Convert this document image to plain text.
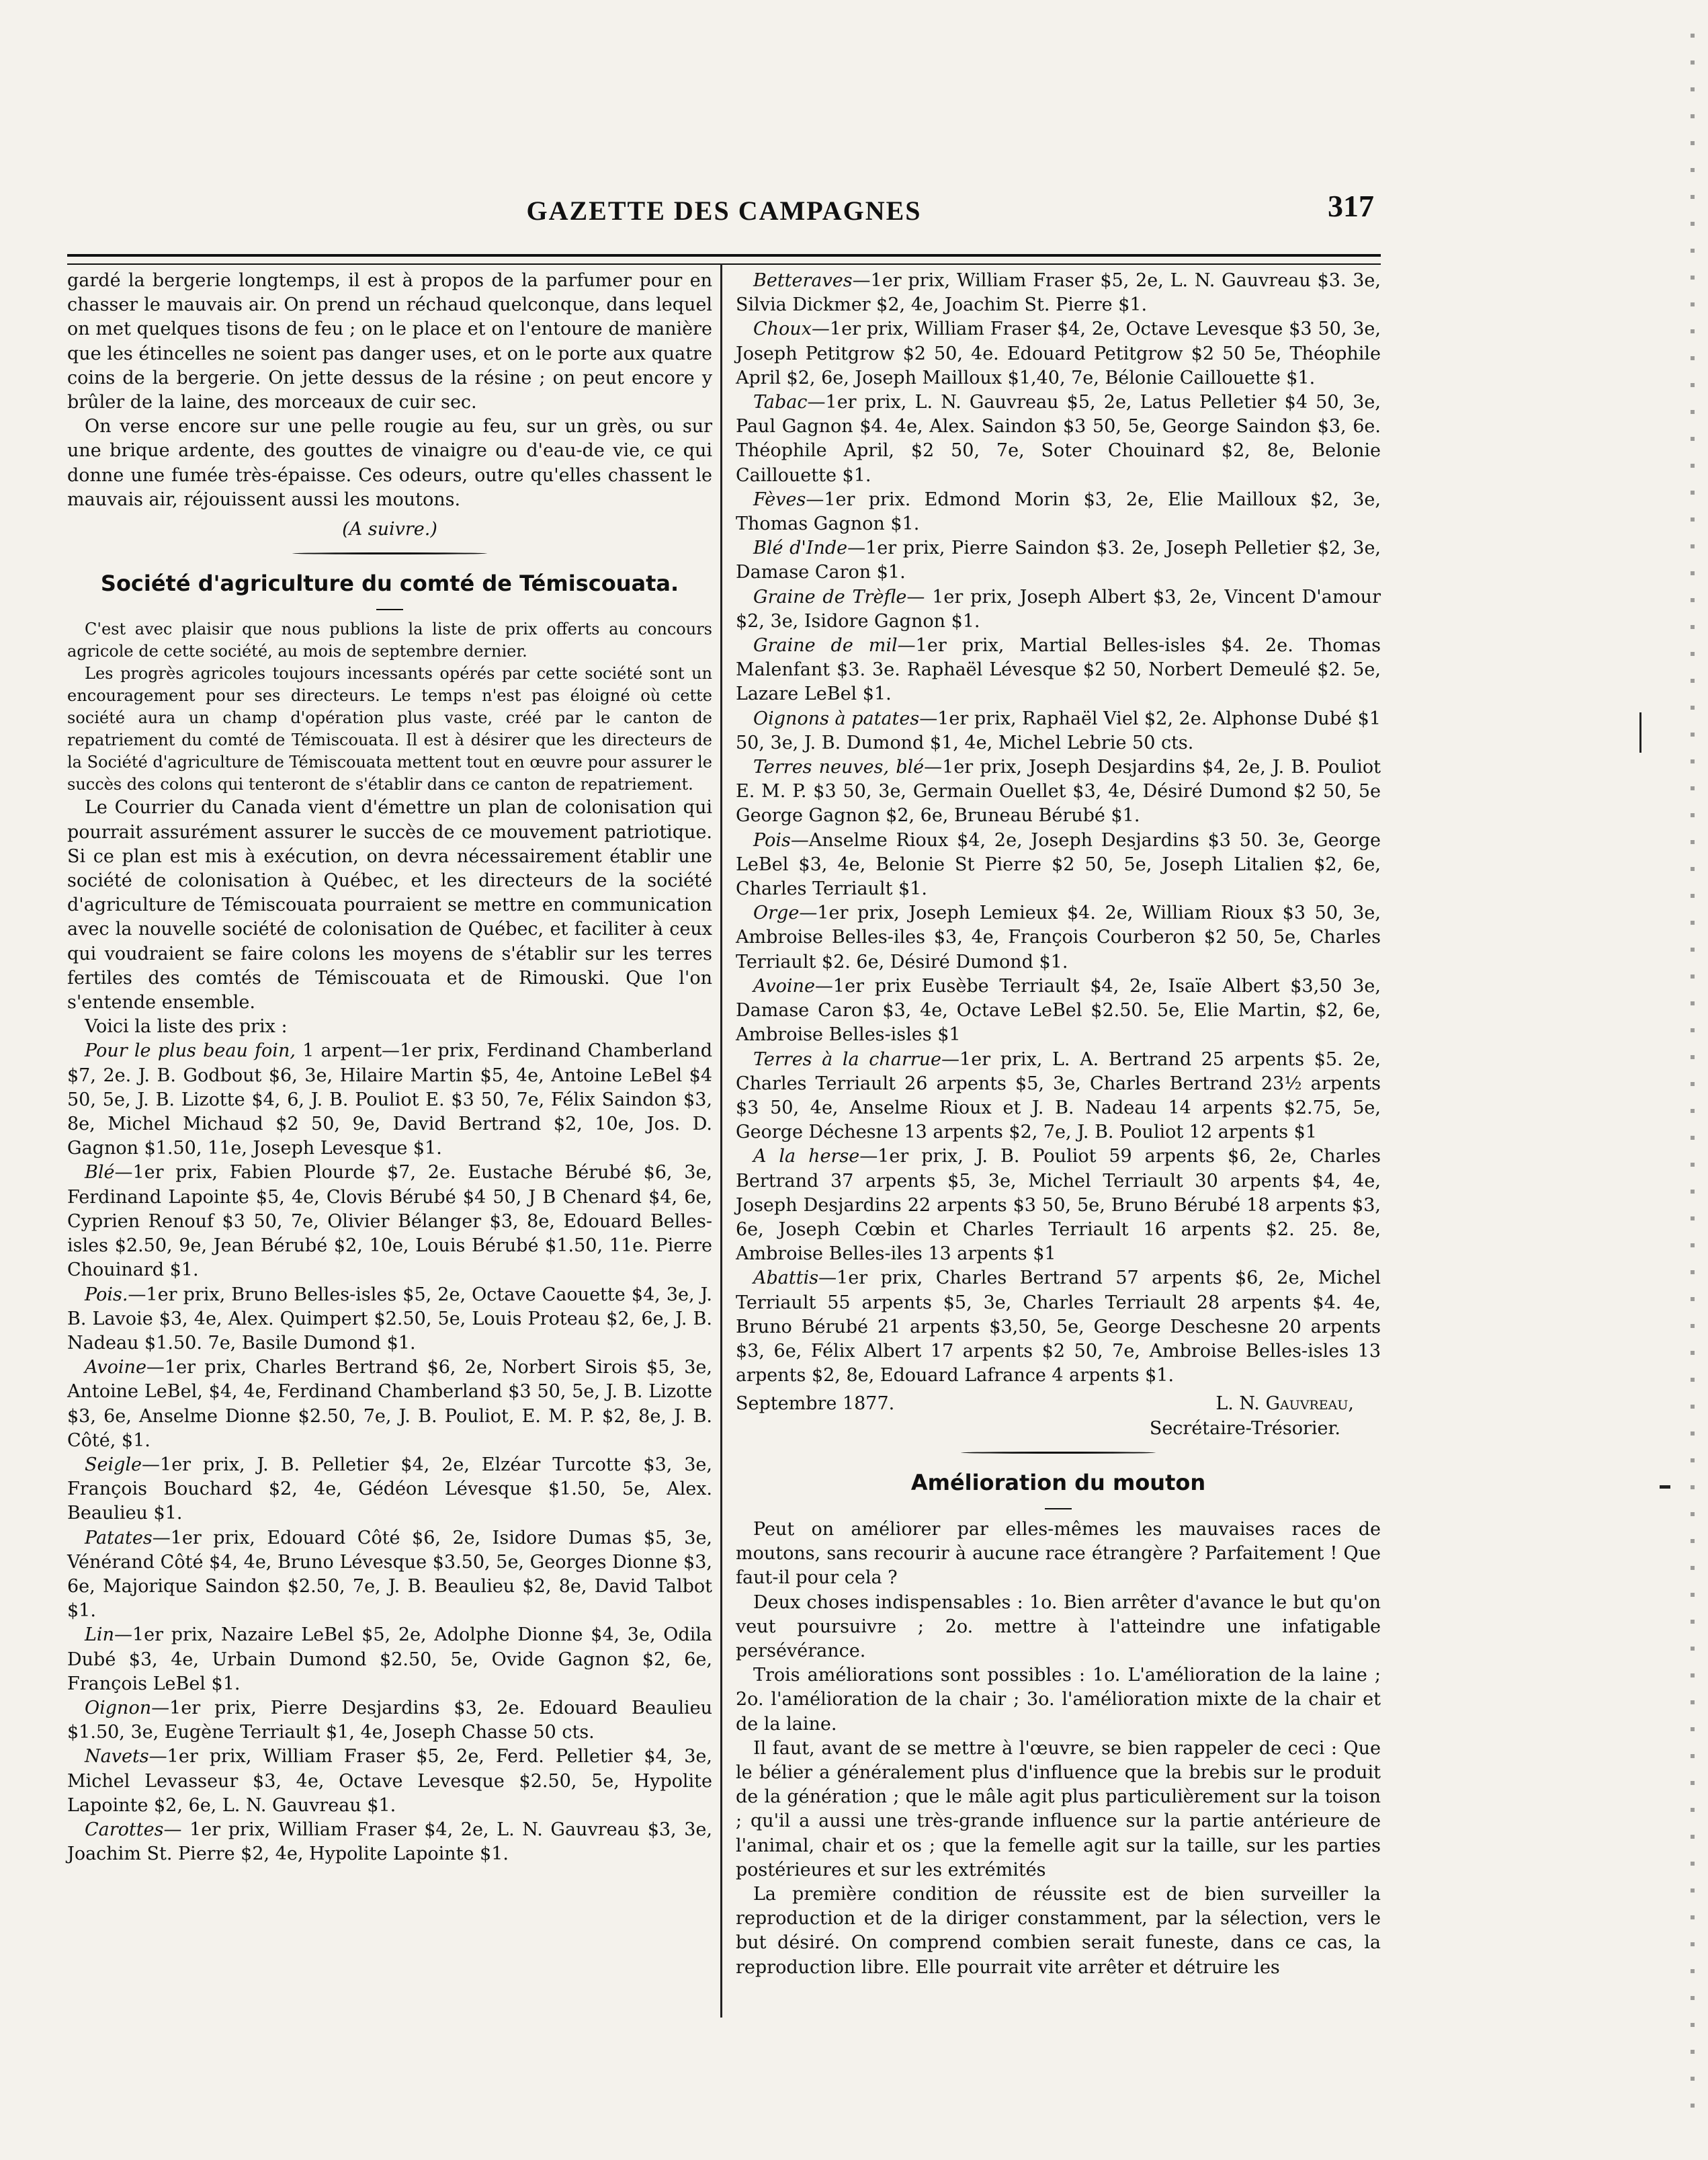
GAZETTE DES CAMPAGNES	317

gardé la bergerie longtemps, il est à propos de la parfumer pour en chasser le mauvais air. On prend un réchaud quelconque, dans lequel on met quelques tisons de feu ; on le place et on l'entoure de manière que les étincelles ne soient pas danger uses, et on le porte aux quatre coins de la bergerie. On jette dessus de la résine ; on peut encore y brûler de la laine, des morceaux de cuir sec.

On verse encore sur une pelle rougie au feu, sur un grès, ou sur une brique ardente, des gouttes de vinaigre ou d'eau-de vie, ce qui donne une fumée très-épaisse. Ces odeurs, outre qu'elles chassent le mauvais air, réjouissent aussi les moutons.

(A suivre.)
Société d'agriculture du comté de Témiscouata.

C'est avec plaisir que nous publions la liste de prix offerts au concours agricole de cette société, au mois de septembre dernier.

Les progrès agricoles toujours incessants opérés par cette société sont un encouragement pour ses directeurs. Le temps n'est pas éloigné où cette société aura un champ d'opération plus vaste, créé par le canton de repatriement du comté de Témiscouata. Il est à désirer que les directeurs de la Société d'agriculture de Témiscouata mettent tout en œuvre pour assurer le succès des colons qui tenteront de s'établir dans ce canton de repatriement.

Le Courrier du Canada vient d'émettre un plan de colonisation qui pourrait assurément assurer le succès de ce mouvement patriotique. Si ce plan est mis à exécution, on devra nécessairement établir une société de colonisation à Québec, et les directeurs de la société d'agriculture de Témiscouata pourraient se mettre en communication avec la nouvelle société de colonisation de Québec, et faciliter à ceux qui voudraient se faire colons les moyens de s'établir sur les terres fertiles des comtés de Témiscouata et de Rimouski. Que l'on s'entende ensemble.

Voici la liste des prix :

Pour le plus beau foin, 1 arpent—1er prix, Ferdinand Chamberland $7, 2e. J. B. Godbout $6, 3e, Hilaire Martin $5, 4e, Antoine LeBel $4 50, 5e, J. B. Lizotte $4, 6, J. B. Pouliot E. $3 50, 7e, Félix Saindon $3, 8e, Michel Michaud $2 50, 9e, David Bertrand $2, 10e, Jos. D. Gagnon $1.50, 11e, Joseph Levesque $1.

Blé—1er prix, Fabien Plourde $7, 2e. Eustache Bérubé $6, 3e, Ferdinand Lapointe $5, 4e, Clovis Bérubé $4 50, J B Chenard $4, 6e, Cyprien Renouf $3 50, 7e, Olivier Bélanger $3, 8e, Edouard Belles-isles $2.50, 9e, Jean Bérubé $2, 10e, Louis Bérubé $1.50, 11e. Pierre Chouinard $1.

Pois.—1er prix, Bruno Belles-isles $5, 2e, Octave Caouette $4, 3e, J. B. Lavoie $3, 4e, Alex. Quimpert $2.50, 5e, Louis Proteau $2, 6e, J. B. Nadeau $1.50. 7e, Basile Dumond $1.

Avoine—1er prix, Charles Bertrand $6, 2e, Norbert Sirois $5, 3e, Antoine LeBel, $4, 4e, Ferdinand Chamberland $3 50, 5e, J. B. Lizotte $3, 6e, Anselme Dionne $2.50, 7e, J. B. Pouliot, E. M. P. $2, 8e, J. B. Côté, $1.

Seigle—1er prix, J. B. Pelletier $4, 2e, Elzéar Turcotte $3, 3e, François Bouchard $2, 4e, Gédéon Lévesque $1.50, 5e, Alex. Beaulieu $1.

Patates—1er prix, Edouard Côté $6, 2e, Isidore Dumas $5, 3e, Vénérand Côté $4, 4e, Bruno Lévesque $3.50, 5e, Georges Dionne $3, 6e, Majorique Saindon $2.50, 7e, J. B. Beaulieu $2, 8e, David Talbot $1.

Lin—1er prix, Nazaire LeBel $5, 2e, Adolphe Dionne $4, 3e, Odila Dubé $3, 4e, Urbain Dumond $2.50, 5e, Ovide Gagnon $2, 6e, François LeBel $1.

Oignon—1er prix, Pierre Desjardins $3, 2e. Edouard Beaulieu $1.50, 3e, Eugène Terriault $1, 4e, Joseph Chasse 50 cts.

Navets—1er prix, William Fraser $5, 2e, Ferd. Pelletier $4, 3e, Michel Levasseur $3, 4e, Octave Levesque $2.50, 5e, Hypolite Lapointe $2, 6e, L. N. Gauvreau $1.

Carottes— 1er prix, William Fraser $4, 2e, L. N. Gauvreau $3, 3e, Joachim St. Pierre $2, 4e, Hypolite Lapointe $1.

Betteraves—1er prix, William Fraser $5, 2e, L. N. Gauvreau $3. 3e, Silvia Dickmer $2, 4e, Joachim St. Pierre $1.

Choux—1er prix, William Fraser $4, 2e, Octave Levesque $3 50, 3e, Joseph Petitgrow $2 50, 4e. Edouard Petitgrow $2 50 5e, Théophile April $2, 6e, Joseph Mailloux $1,40, 7e, Bélonie Caillouette $1.

Tabac—1er prix, L. N. Gauvreau $5, 2e, Latus Pelletier $4 50, 3e, Paul Gagnon $4. 4e, Alex. Saindon $3 50, 5e, George Saindon $3, 6e. Théophile April, $2 50, 7e, Soter Chouinard $2, 8e, Belonie Caillouette $1.

Fèves—1er prix. Edmond Morin $3, 2e, Elie Mailloux $2, 3e, Thomas Gagnon $1.

Blé d'Inde—1er prix, Pierre Saindon $3. 2e, Joseph Pelletier $2, 3e, Damase Caron $1.

Graine de Trèfle— 1er prix, Joseph Albert $3, 2e, Vincent D'amour $2, 3e, Isidore Gagnon $1.

Graine de mil—1er prix, Martial Belles-isles $4. 2e. Thomas Malenfant $3. 3e. Raphaël Lévesque $2 50, Norbert Demeulé $2. 5e, Lazare LeBel $1.

Oignons à patates—1er prix, Raphaël Viel $2, 2e. Alphonse Dubé $1 50, 3e, J. B. Dumond $1, 4e, Michel Lebrie 50 cts.

Terres neuves, blé—1er prix, Joseph Desjardins $4, 2e, J. B. Pouliot E. M. P. $3 50, 3e, Germain Ouellet $3, 4e, Désiré Dumond $2 50, 5e George Gagnon $2, 6e, Bruneau Bérubé $1.

Pois—Anselme Rioux $4, 2e, Joseph Desjardins $3 50. 3e, George LeBel $3, 4e, Belonie St Pierre $2 50, 5e, Joseph Litalien $2, 6e, Charles Terriault $1.

Orge—1er prix, Joseph Lemieux $4. 2e, William Rioux $3 50, 3e, Ambroise Belles-iles $3, 4e, François Courberon $2 50, 5e, Charles Terriault $2. 6e, Désiré Dumond $1.

Avoine—1er prix Eusèbe Terriault $4, 2e, Isaïe Albert $3,50 3e, Damase Caron $3, 4e, Octave LeBel $2.50. 5e, Elie Martin, $2, 6e, Ambroise Belles-isles $1

Terres à la charrue—1er prix, L. A. Bertrand 25 arpents $5. 2e, Charles Terriault 26 arpents $5, 3e, Charles Bertrand 23½ arpents $3 50, 4e, Anselme Rioux et J. B. Nadeau 14 arpents $2.75, 5e, George Déchesne 13 arpents $2, 7e, J. B. Pouliot 12 arpents $1

A la herse—1er prix, J. B. Pouliot 59 arpents $6, 2e, Charles Bertrand 37 arpents $5, 3e, Michel Terriault 30 arpents $4, 4e, Joseph Desjardins 22 arpents $3 50, 5e, Bruno Bérubé 18 arpents $3, 6e, Joseph Cœbin et Charles Terriault 16 arpents $2. 25. 8e, Ambroise Belles-iles 13 arpents $1

Abattis—1er prix, Charles Bertrand 57 arpents $6, 2e, Michel Terriault 55 arpents $5, 3e, Charles Terriault 28 arpents $4. 4e, Bruno Bérubé 21 arpents $3,50, 5e, George Deschesne 20 arpents $3, 6e, Félix Albert 17 arpents $2 50, 7e, Ambroise Belles-isles 13 arpents $2, 8e, Edouard Lafrance 4 arpents $1.

Septembre 1877.	L. N. Gauvreau,
Secrétaire-Trésorier.
Amélioration du mouton

Peut on améliorer par elles-mêmes les mauvaises races de moutons, sans recourir à aucune race étrangère ? Parfaitement ! Que faut-il pour cela ?

Deux choses indispensables : 1o. Bien arrêter d'avance le but qu'on veut poursuivre ; 2o. mettre à l'atteindre une infatigable persévérance.

Trois améliorations sont possibles : 1o. L'amélioration de la laine ; 2o. l'amélioration de la chair ; 3o. l'amélioration mixte de la chair et de la laine.

Il faut, avant de se mettre à l'œuvre, se bien rappeler de ceci : Que le bélier a généralement plus d'influence que la brebis sur le produit de la génération ; que le mâle agit plus particulièrement sur la toison ; qu'il a aussi une très-grande influence sur la partie antérieure de l'animal, chair et os ; que la femelle agit sur la taille, sur les parties postérieures et sur les extrémités

La première condition de réussite est de bien surveiller la reproduction et de la diriger constamment, par la sélection, vers le but désiré. On comprend combien serait funeste, dans ce cas, la reproduction libre. Elle pourrait vite arrêter et détruire les
